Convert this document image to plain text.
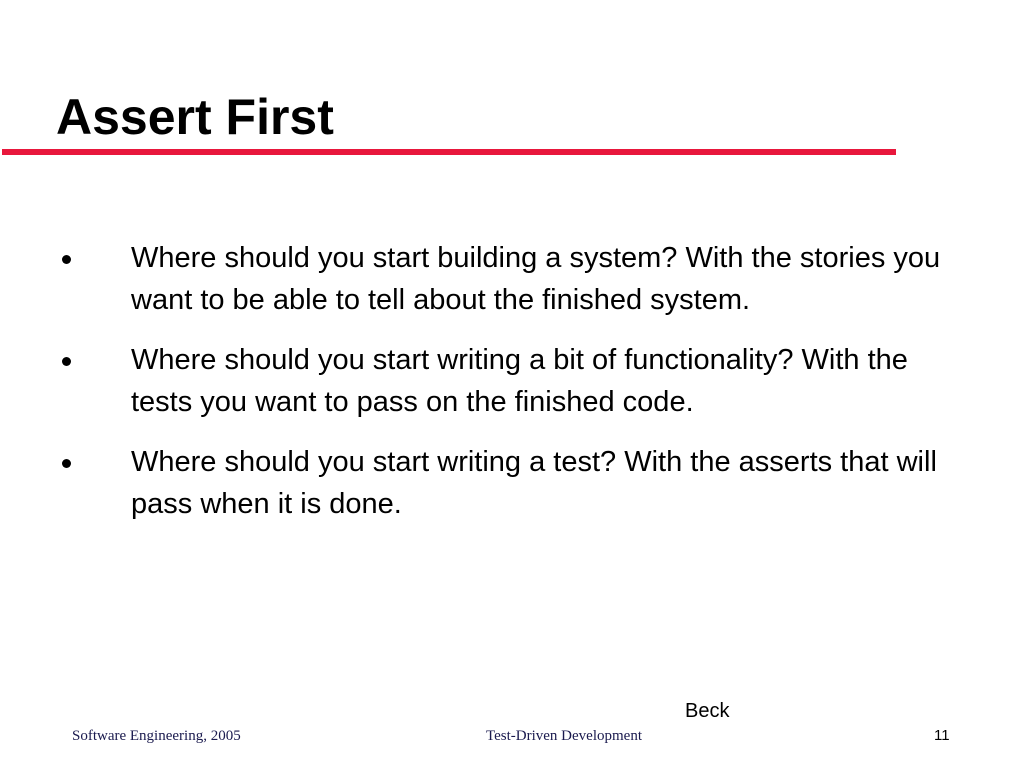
Assert First
Where should you start building a system? With the stories you want to be able to tell about the finished system.
Where should you start writing a bit of functionality? With the tests you want to pass on the finished code.
Where should you start writing a test? With the asserts that will pass when it is done.
Beck
Software Engineering, 2005	Test-Driven Development	11
